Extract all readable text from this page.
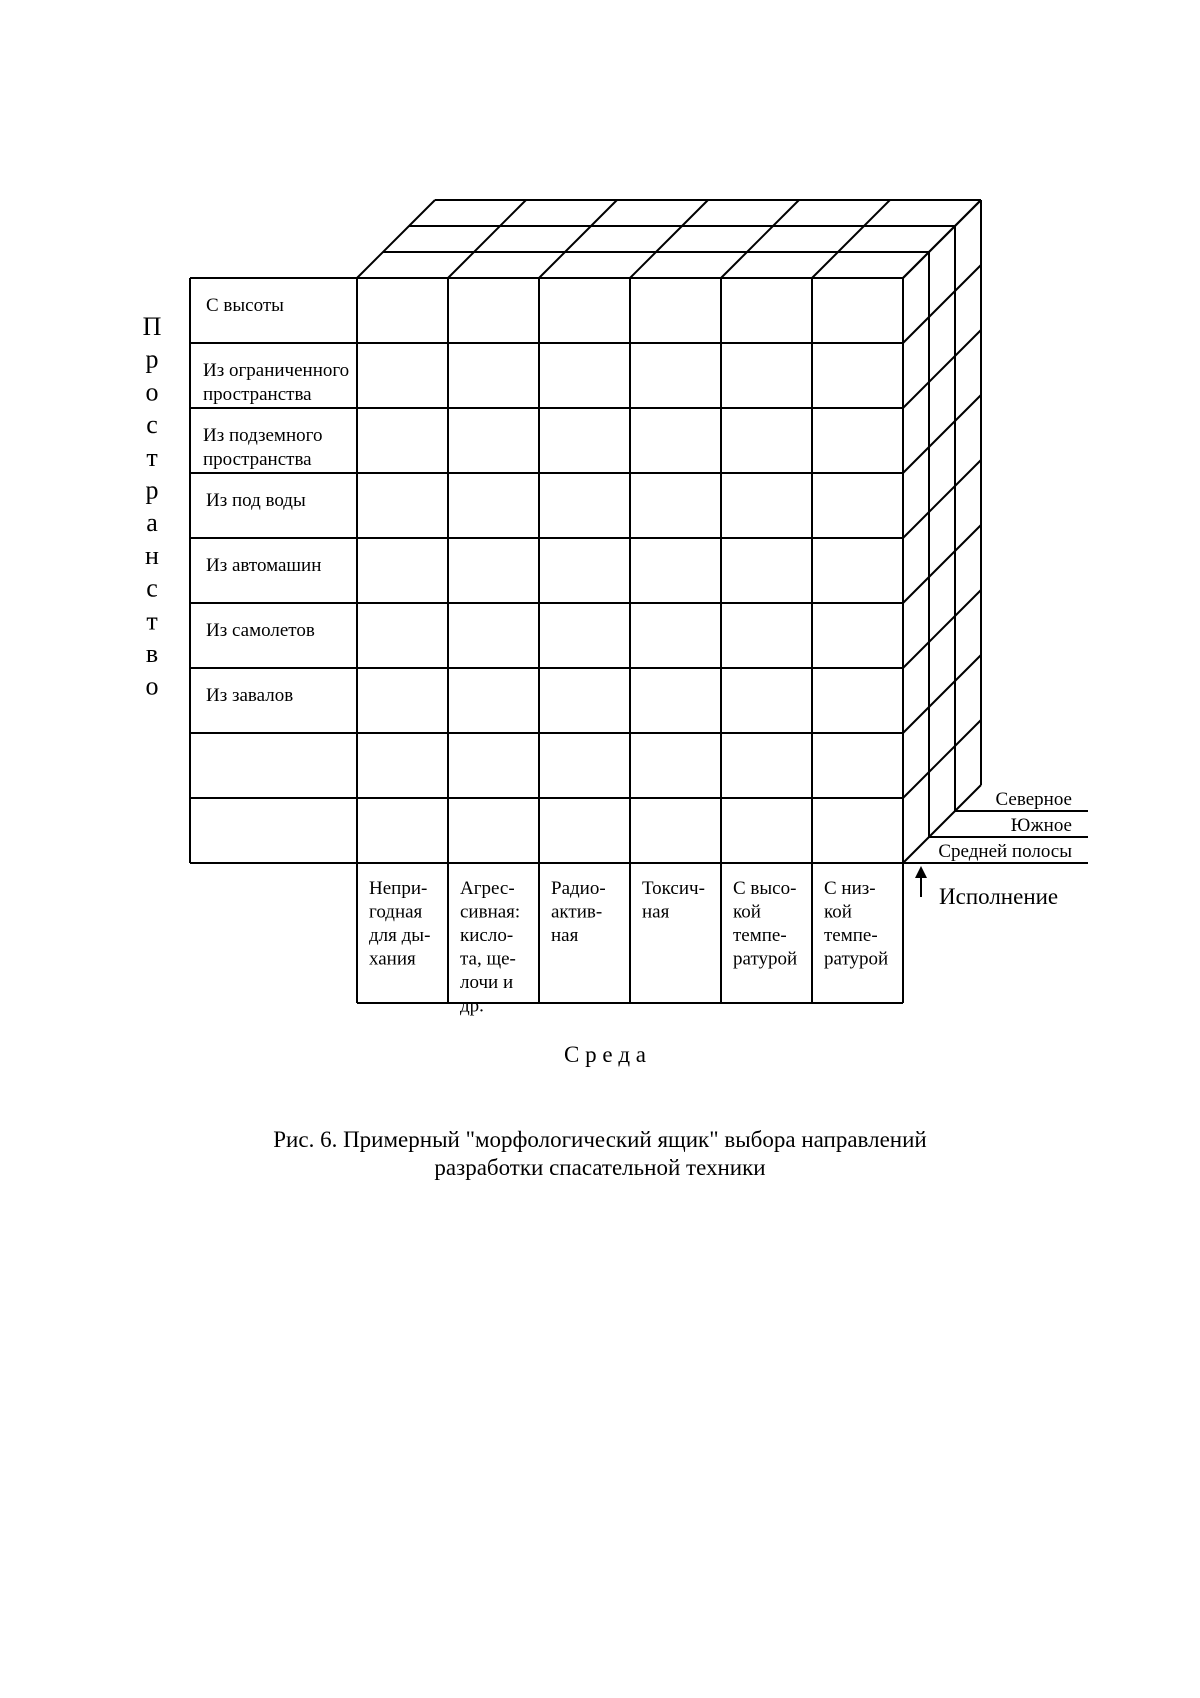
С высоты
Из ограниченного пространства
Из подземного пространства
Из под воды
Из автомашин
Из самолетов
Из завалов
Непри-годная для ды-хания
Агрес-сивная: кисло-та, ще-лочи и др.
Радио-актив-ная
Токсич-ная
С высо-кой темпе-ратурой
С низ-кой темпе-ратурой
Северное
Южное
Средней полосы
П р о с т р а н с т в о
Исполнение
С р е д а
Рис. 6. Примерный "морфологический ящик" выбора направлений
разработки спасательной техники
